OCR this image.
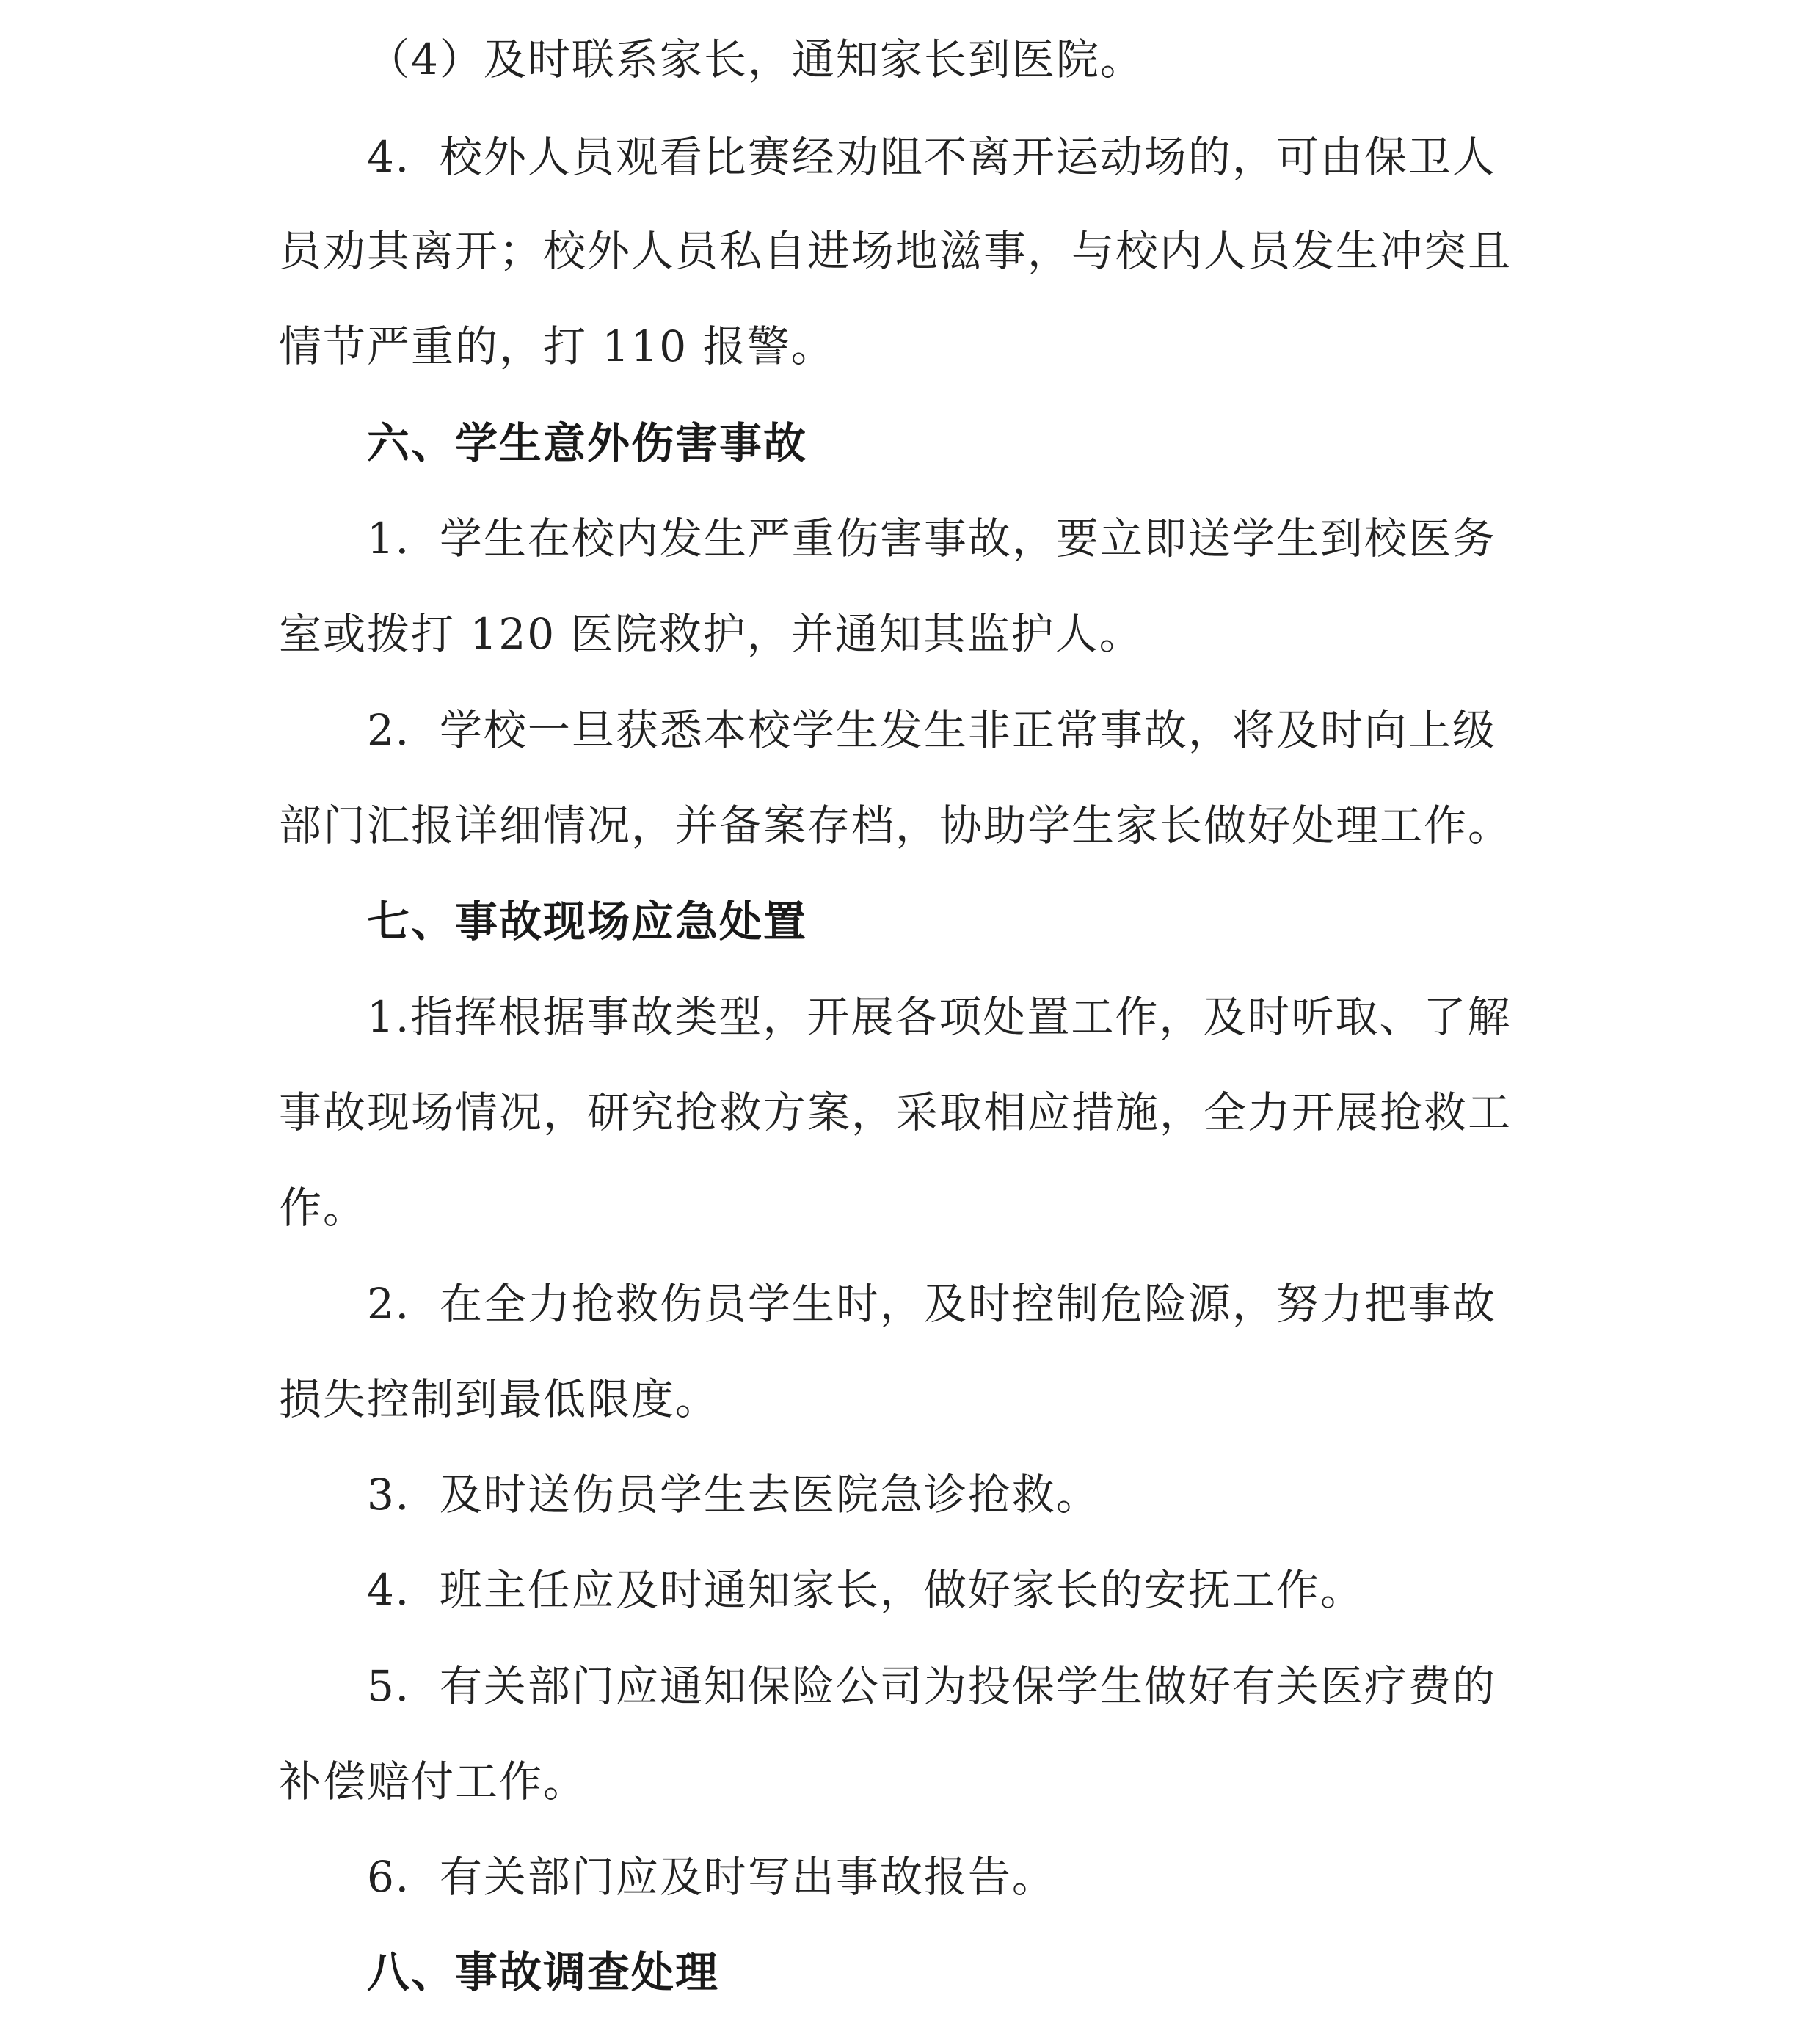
（4）及时联系家长，通知家长到医院。
4．校外人员观看比赛经劝阻不离开运动场的，可由保卫人
员劝其离开；校外人员私自进场地滋事，与校内人员发生冲突且
情节严重的，打 110 报警。
六、学生意外伤害事故
1．学生在校内发生严重伤害事故，要立即送学生到校医务
室或拨打 120 医院救护，并通知其监护人。
2．学校一旦获悉本校学生发生非正常事故，将及时向上级
部门汇报详细情况，并备案存档，协助学生家长做好处理工作。
七、事故现场应急处置
1.指挥根据事故类型，开展各项处置工作，及时听取、了解
事故现场情况，研究抢救方案，采取相应措施，全力开展抢救工
作。
2．在全力抢救伤员学生时，及时控制危险源，努力把事故
损失控制到最低限度。
3．及时送伤员学生去医院急诊抢救。
4．班主任应及时通知家长，做好家长的安抚工作。
5．有关部门应通知保险公司为投保学生做好有关医疗费的
补偿赔付工作。
6．有关部门应及时写出事故报告。
八、事故调查处理
